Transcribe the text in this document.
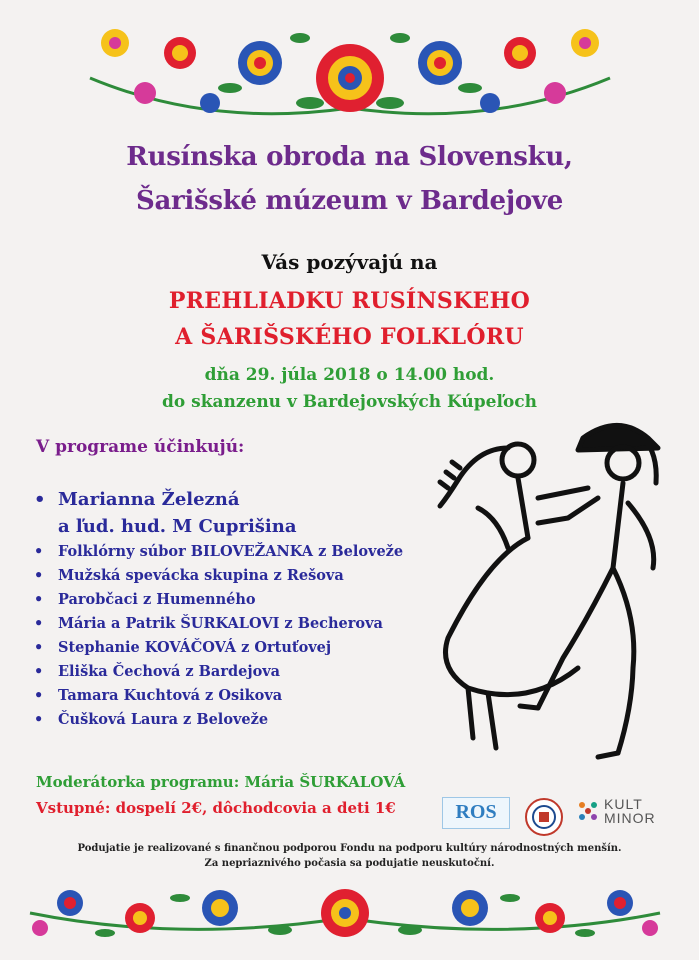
Rusínska obroda na Slovensku,
Šarišské múzeum v Bardejove
Vás pozývajú na
PREHLIADKU RUSÍNSKEHO
A ŠARIŠSKÉHO FOLKLÓRU
dňa 29. júla 2018 o 14.00 hod.
do skanzenu v Bardejovských Kúpeľoch
V programe účinkujú:
• Marianna Železná
a ľud. hud. M Cuprišina
• Folklórny súbor BILOVEŽANKA z Beloveže
• Mužská spevácka skupina z Rešova
• Parobčaci z Humenného
• Mária a Patrik ŠURKALOVI z Becherova
• Stephanie KOVÁČOVÁ z Ortuťovej
• Eliška Čechová z Bardejova
• Tamara Kuchtová z Osikova
• Čušková Laura z Beloveže
Moderátorka programu: Mária ŠURKALOVÁ
Vstupné: dospelí 2€, dôchodcovia a deti 1€	ROS	KULT
MINOR
Podujatie je realizované s finančnou podporou Fondu na podporu kultúry národnostných menšín.
Za nepriaznivého počasia sa podujatie neuskutoční.
